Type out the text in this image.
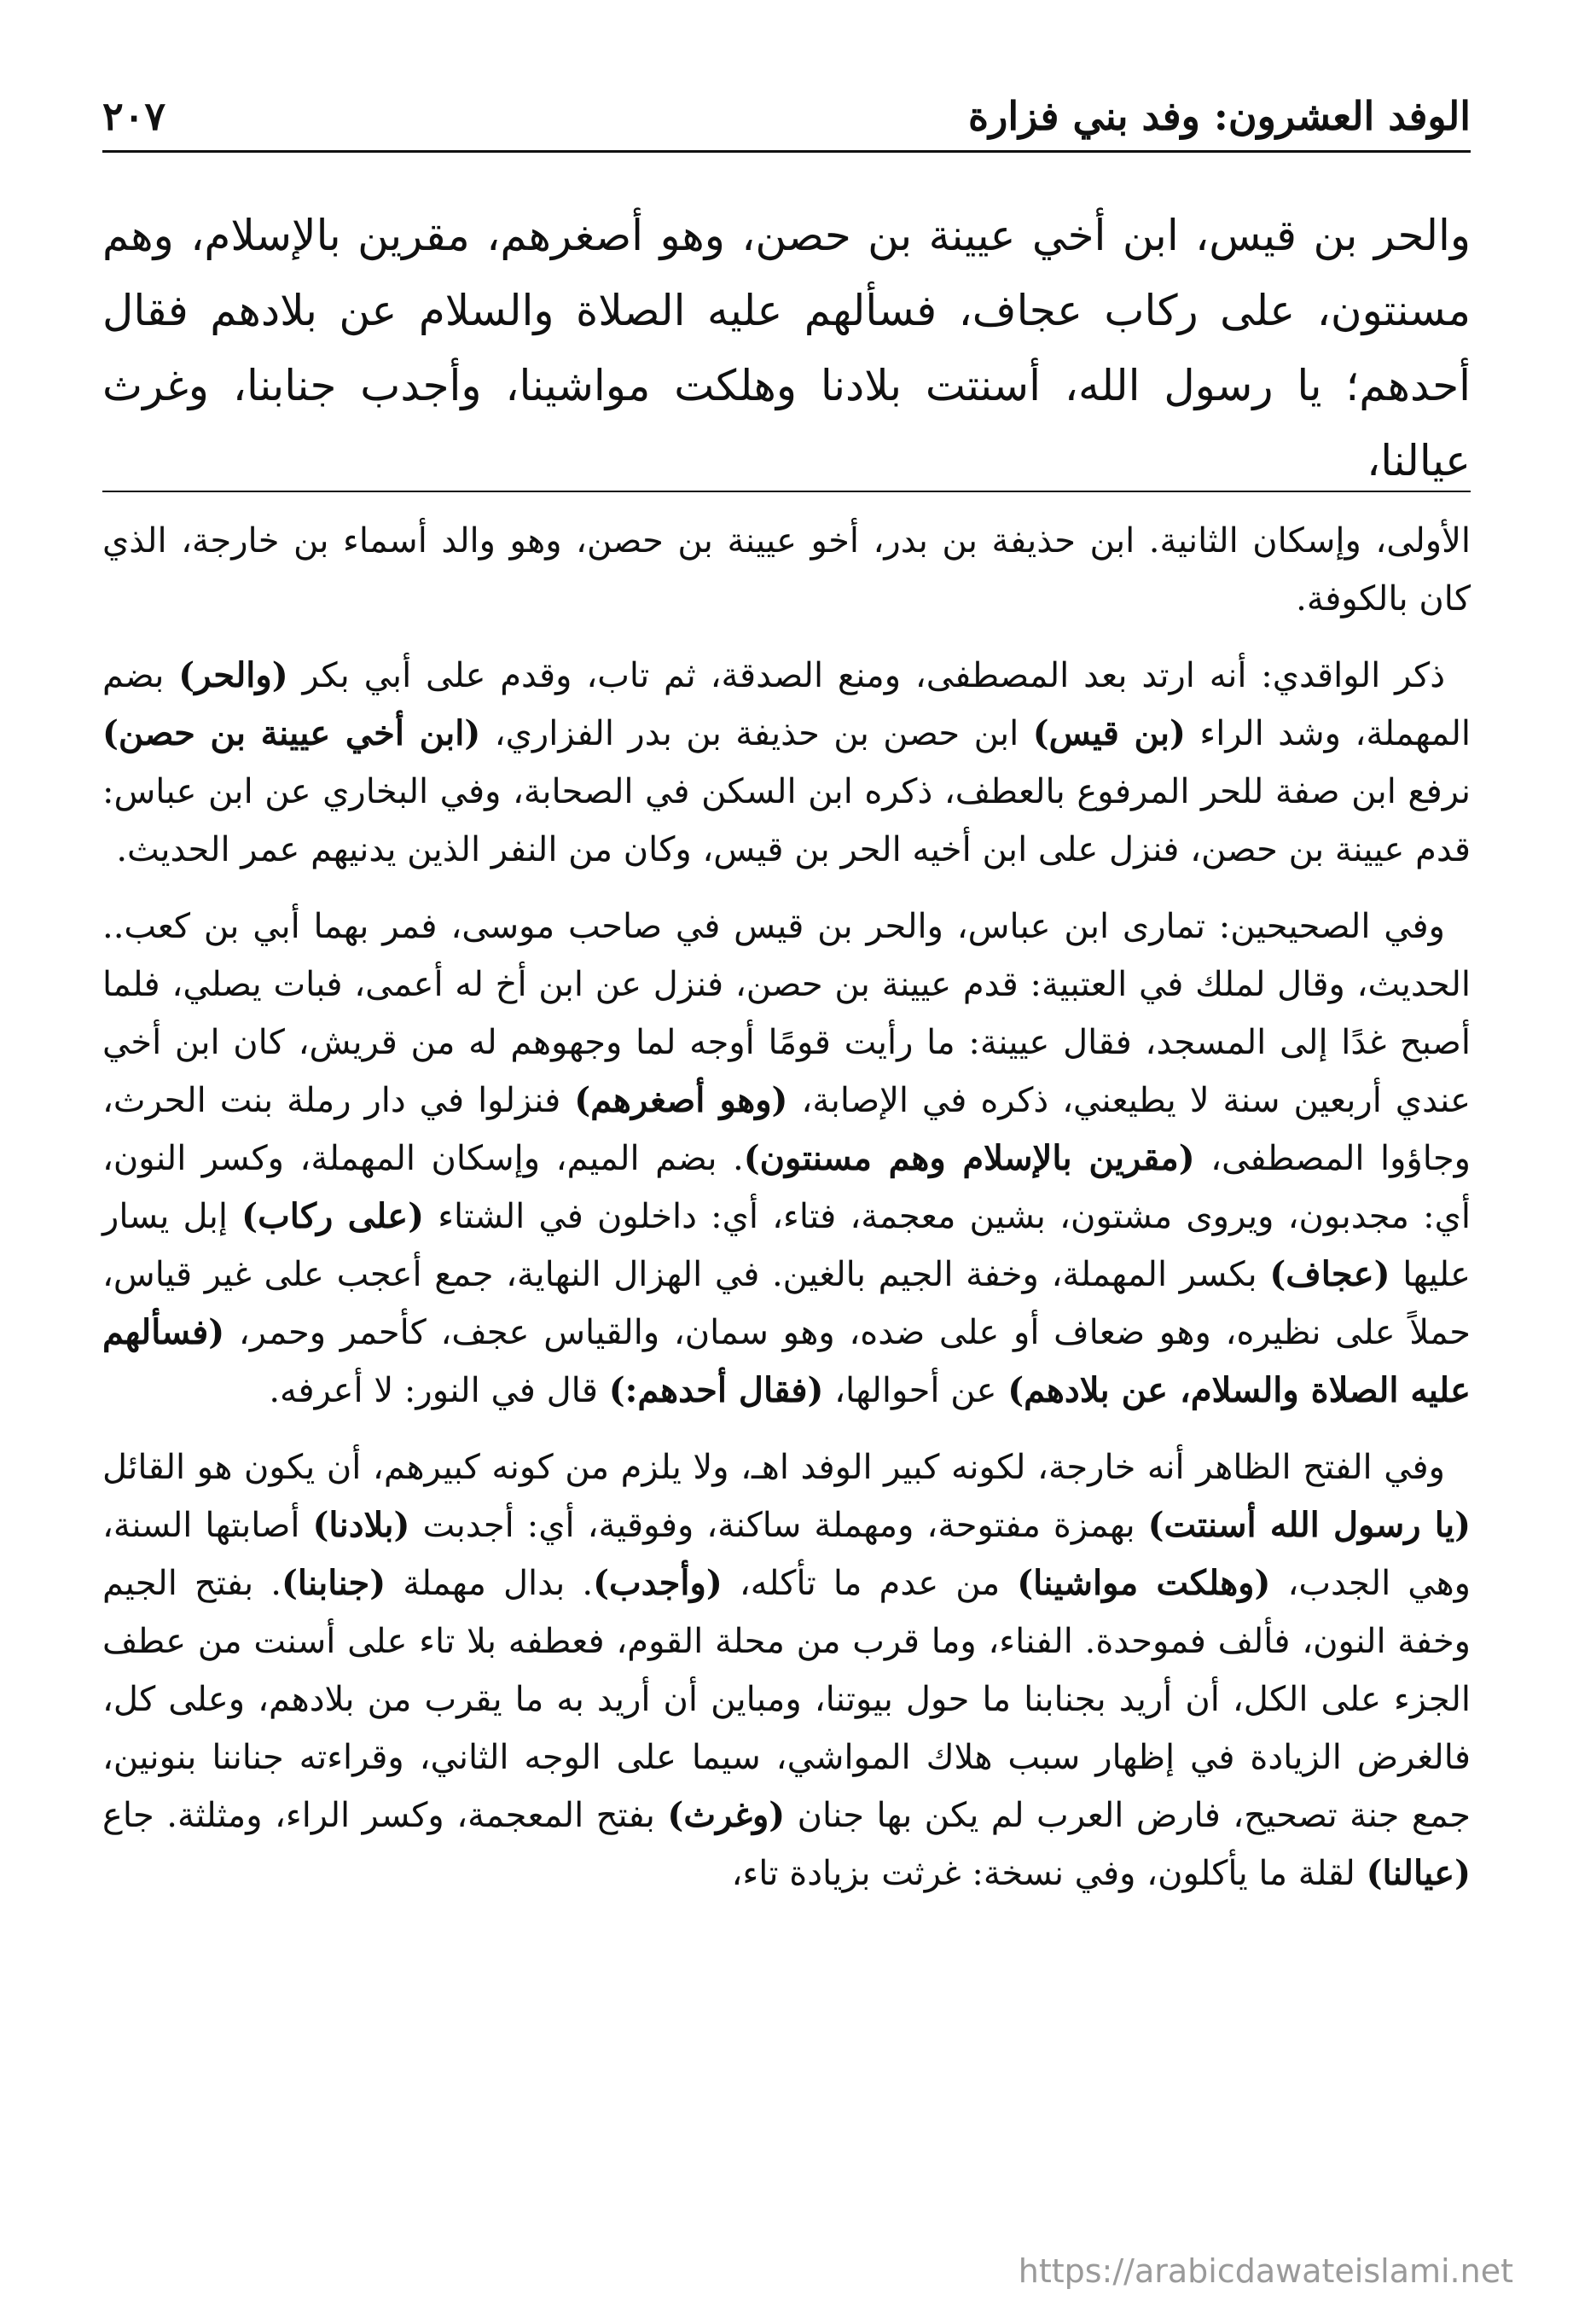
الوفد العشرون: وفد بني فزارة
٢٠٧

والحر بن قيس، ابن أخي عيينة بن حصن، وهو أصغرهم، مقرين بالإسلام، وهم مسنتون، على ركاب عجاف، فسألهم عليه الصلاة والسلام عن بلادهم فقال أحدهم؛ يا رسول الله، أسنتت بلادنا وهلكت مواشينا، وأجدب جنابنا، وغرث عيالنا،

الأولى، وإسكان الثانية. ابن حذيفة بن بدر، أخو عيينة بن حصن، وهو والد أسماء بن خارجة، الذي كان بالكوفة.

ذكر الواقدي: أنه ارتد بعد المصطفى، ومنع الصدقة، ثم تاب، وقدم على أبي بكر (والحر) بضم المهملة، وشد الراء (بن قيس) ابن حصن بن حذيفة بن بدر الفزاري، (ابن أخي عيينة بن حصن) نرفع ابن صفة للحر المرفوع بالعطف، ذكره ابن السكن في الصحابة، وفي البخاري عن ابن عباس: قدم عيينة بن حصن، فنزل على ابن أخيه الحر بن قيس، وكان من النفر الذين يدنيهم عمر الحديث.

وفي الصحيحين: تمارى ابن عباس، والحر بن قيس في صاحب موسى، فمر بهما أبي بن كعب.. الحديث، وقال لملك في العتبية: قدم عيينة بن حصن، فنزل عن ابن أخ له أعمى، فبات يصلي، فلما أصبح غدًا إلى المسجد، فقال عيينة: ما رأيت قومًا أوجه لما وجهوهم له من قريش، كان ابن أخي عندي أربعين سنة لا يطيعني، ذكره في الإصابة، (وهو أصغرهم) فنزلوا في دار رملة بنت الحرث، وجاؤوا المصطفى، (مقرين بالإسلام وهم مسنتون). بضم الميم، وإسكان المهملة، وكسر النون، أي: مجدبون، ويروى مشتون، بشين معجمة، فتاء، أي: داخلون في الشتاء (على ركاب) إبل يسار عليها (عجاف) بكسر المهملة، وخفة الجيم بالغين. في الهزال النهاية، جمع أعجب على غير قياس، حملاً على نظيره، وهو ضعاف أو على ضده، وهو سمان، والقياس عجف، كأحمر وحمر، (فسألهم عليه الصلاة والسلام، عن بلادهم) عن أحوالها، (فقال أحدهم:) قال في النور: لا أعرفه.

وفي الفتح الظاهر أنه خارجة، لكونه كبير الوفد اهـ، ولا يلزم من كونه كبيرهم، أن يكون هو القائل (يا رسول الله أسنتت) بهمزة مفتوحة، ومهملة ساكنة، وفوقية، أي: أجدبت (بلادنا) أصابتها السنة، وهي الجدب، (وهلكت مواشينا) من عدم ما تأكله، (وأجدب). بدال مهملة (جنابنا). بفتح الجيم وخفة النون، فألف فموحدة. الفناء، وما قرب من محلة القوم، فعطفه بلا تاء على أسنت من عطف الجزء على الكل، أن أريد بجنابنا ما حول بيوتنا، ومباين أن أريد به ما يقرب من بلادهم، وعلى كل، فالغرض الزيادة في إظهار سبب هلاك المواشي، سيما على الوجه الثاني، وقراءته جناننا بنونين، جمع جنة تصحيح، فارض العرب لم يكن بها جنان (وغرث) بفتح المعجمة، وكسر الراء، ومثلثة. جاع (عيالنا) لقلة ما يأكلون، وفي نسخة: غرثت بزيادة تاء،

https://arabicdawateislami.net
